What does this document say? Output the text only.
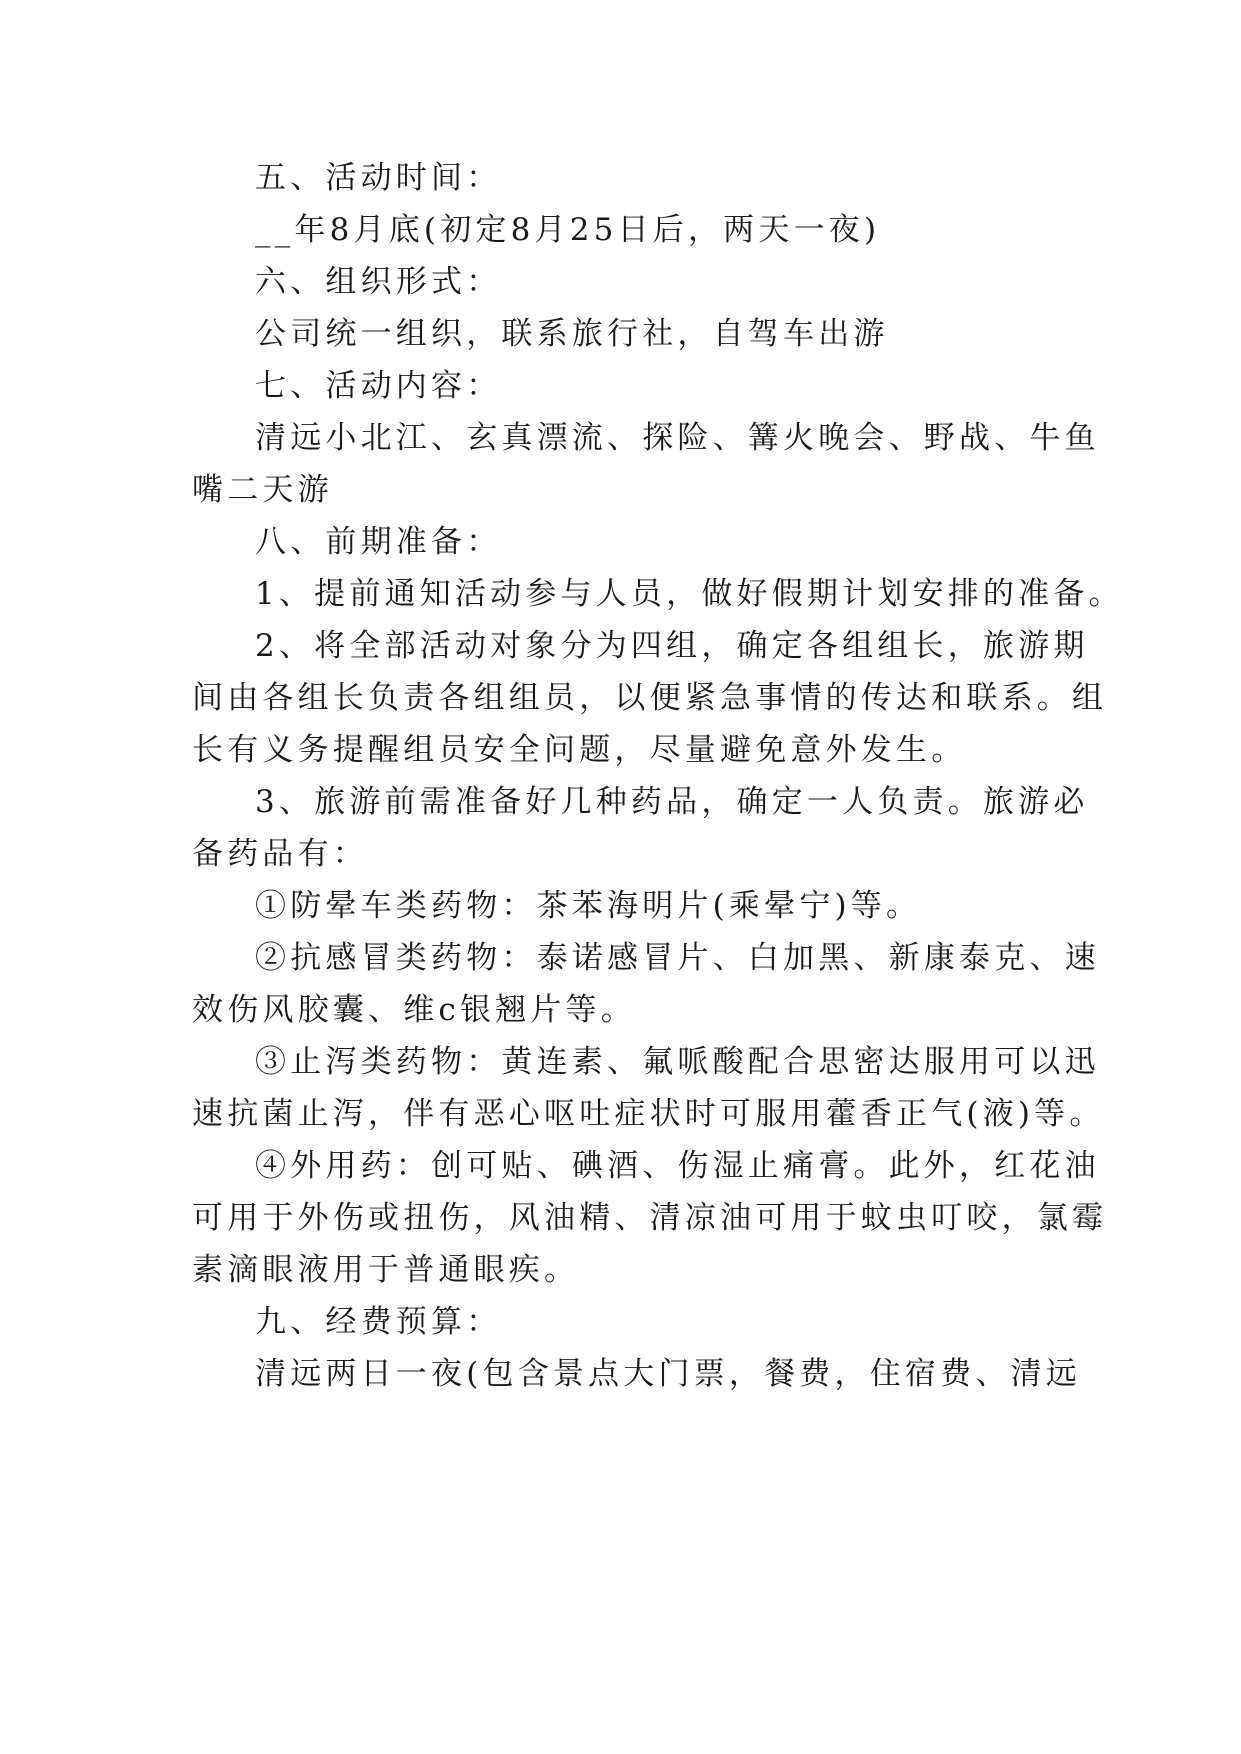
五、活动时间：
__年8月底(初定8月25日后，两天一夜)
六、组织形式：
公司统一组织，联系旅行社，自驾车出游
七、活动内容：
清远小北江、玄真漂流、探险、篝火晚会、野战、牛鱼
嘴二天游
八、前期准备：
1、提前通知活动参与人员，做好假期计划安排的准备。
2、将全部活动对象分为四组，确定各组组长，旅游期
间由各组长负责各组组员，以便紧急事情的传达和联系。组
长有义务提醒组员安全问题，尽量避免意外发生。
3、旅游前需准备好几种药品，确定一人负责。旅游必
备药品有：
①防晕车类药物：茶苯海明片(乘晕宁)等。
②抗感冒类药物：泰诺感冒片、白加黑、新康泰克、速
效伤风胶囊、维c银翘片等。
③止泻类药物：黄连素、氟哌酸配合思密达服用可以迅
速抗菌止泻，伴有恶心呕吐症状时可服用藿香正气(液)等。
④外用药：创可贴、碘酒、伤湿止痛膏。此外，红花油
可用于外伤或扭伤，风油精、清凉油可用于蚊虫叮咬，氯霉
素滴眼液用于普通眼疾。
九、经费预算：
清远两日一夜(包含景点大门票，餐费，住宿费、清远
